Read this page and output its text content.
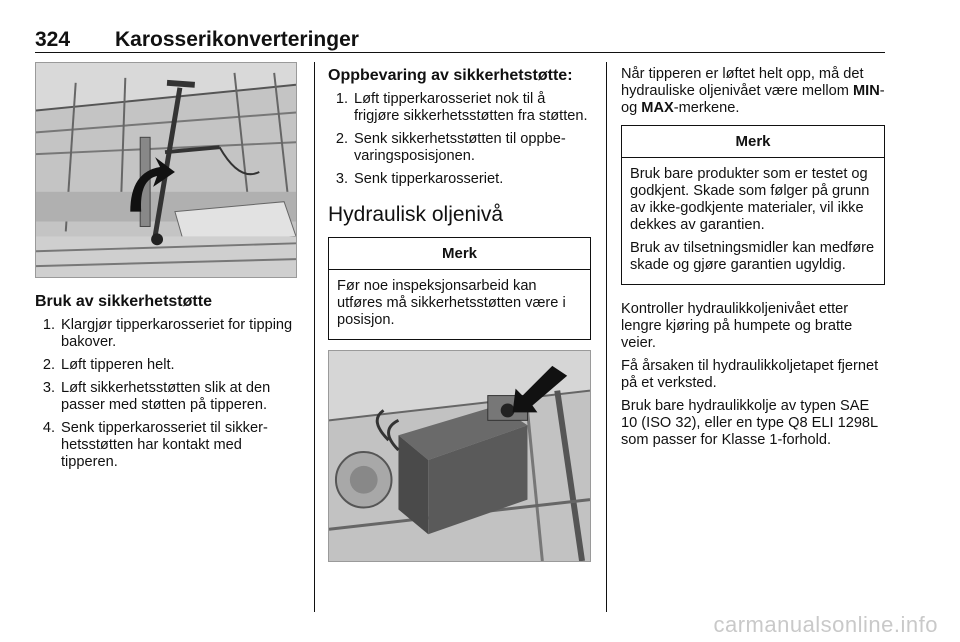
324 Karosserikonverteringer
Bruk av sikkerhetstøtte
1. Klargjør tipperkarosseriet for tipping bakover.
2. Løft tipperen helt.
3. Løft sikkerhetsstøtten slik at den passer med støtten på tipperen.
4. Senk tipperkarosseriet til sikkerhetsstøtten har kontakt med tipperen.
Oppbevaring av sikkerhetstøtte:
1. Løft tipperkarosseriet nok til å frigjøre sikkerhetsstøtten fra støtten.
2. Senk sikkerhetsstøtten til oppbevaringsposisjonen.
3. Senk tipperkarosseriet.
Hydraulisk oljenivå
Merk

Før noe inspeksjonsarbeid kan utføres må sikkerhetsstøtten være i posisjon.

Når tipperen er løftet helt opp, må det hydrauliske oljenivået være mellom MIN- og MAX-merkene.

Merk

Bruk bare produkter som er testet og godkjent. Skade som følger på grunn av ikke-godkjente materialer, vil ikke dekkes av garantien.

Bruk av tilsetningsmidler kan medføre skade og gjøre garantien ugyldig.

Kontroller hydraulikkoljenivået etter lengre kjøring på humpete og bratte veier.

Få årsaken til hydraulikkoljetapet fjernet på et verksted.

Bruk bare hydraulikkolje av typen SAE 10 (ISO 32), eller en type Q8 ELI 1298L som passer for Klasse 1-forhold.

carmanualsonline.info
